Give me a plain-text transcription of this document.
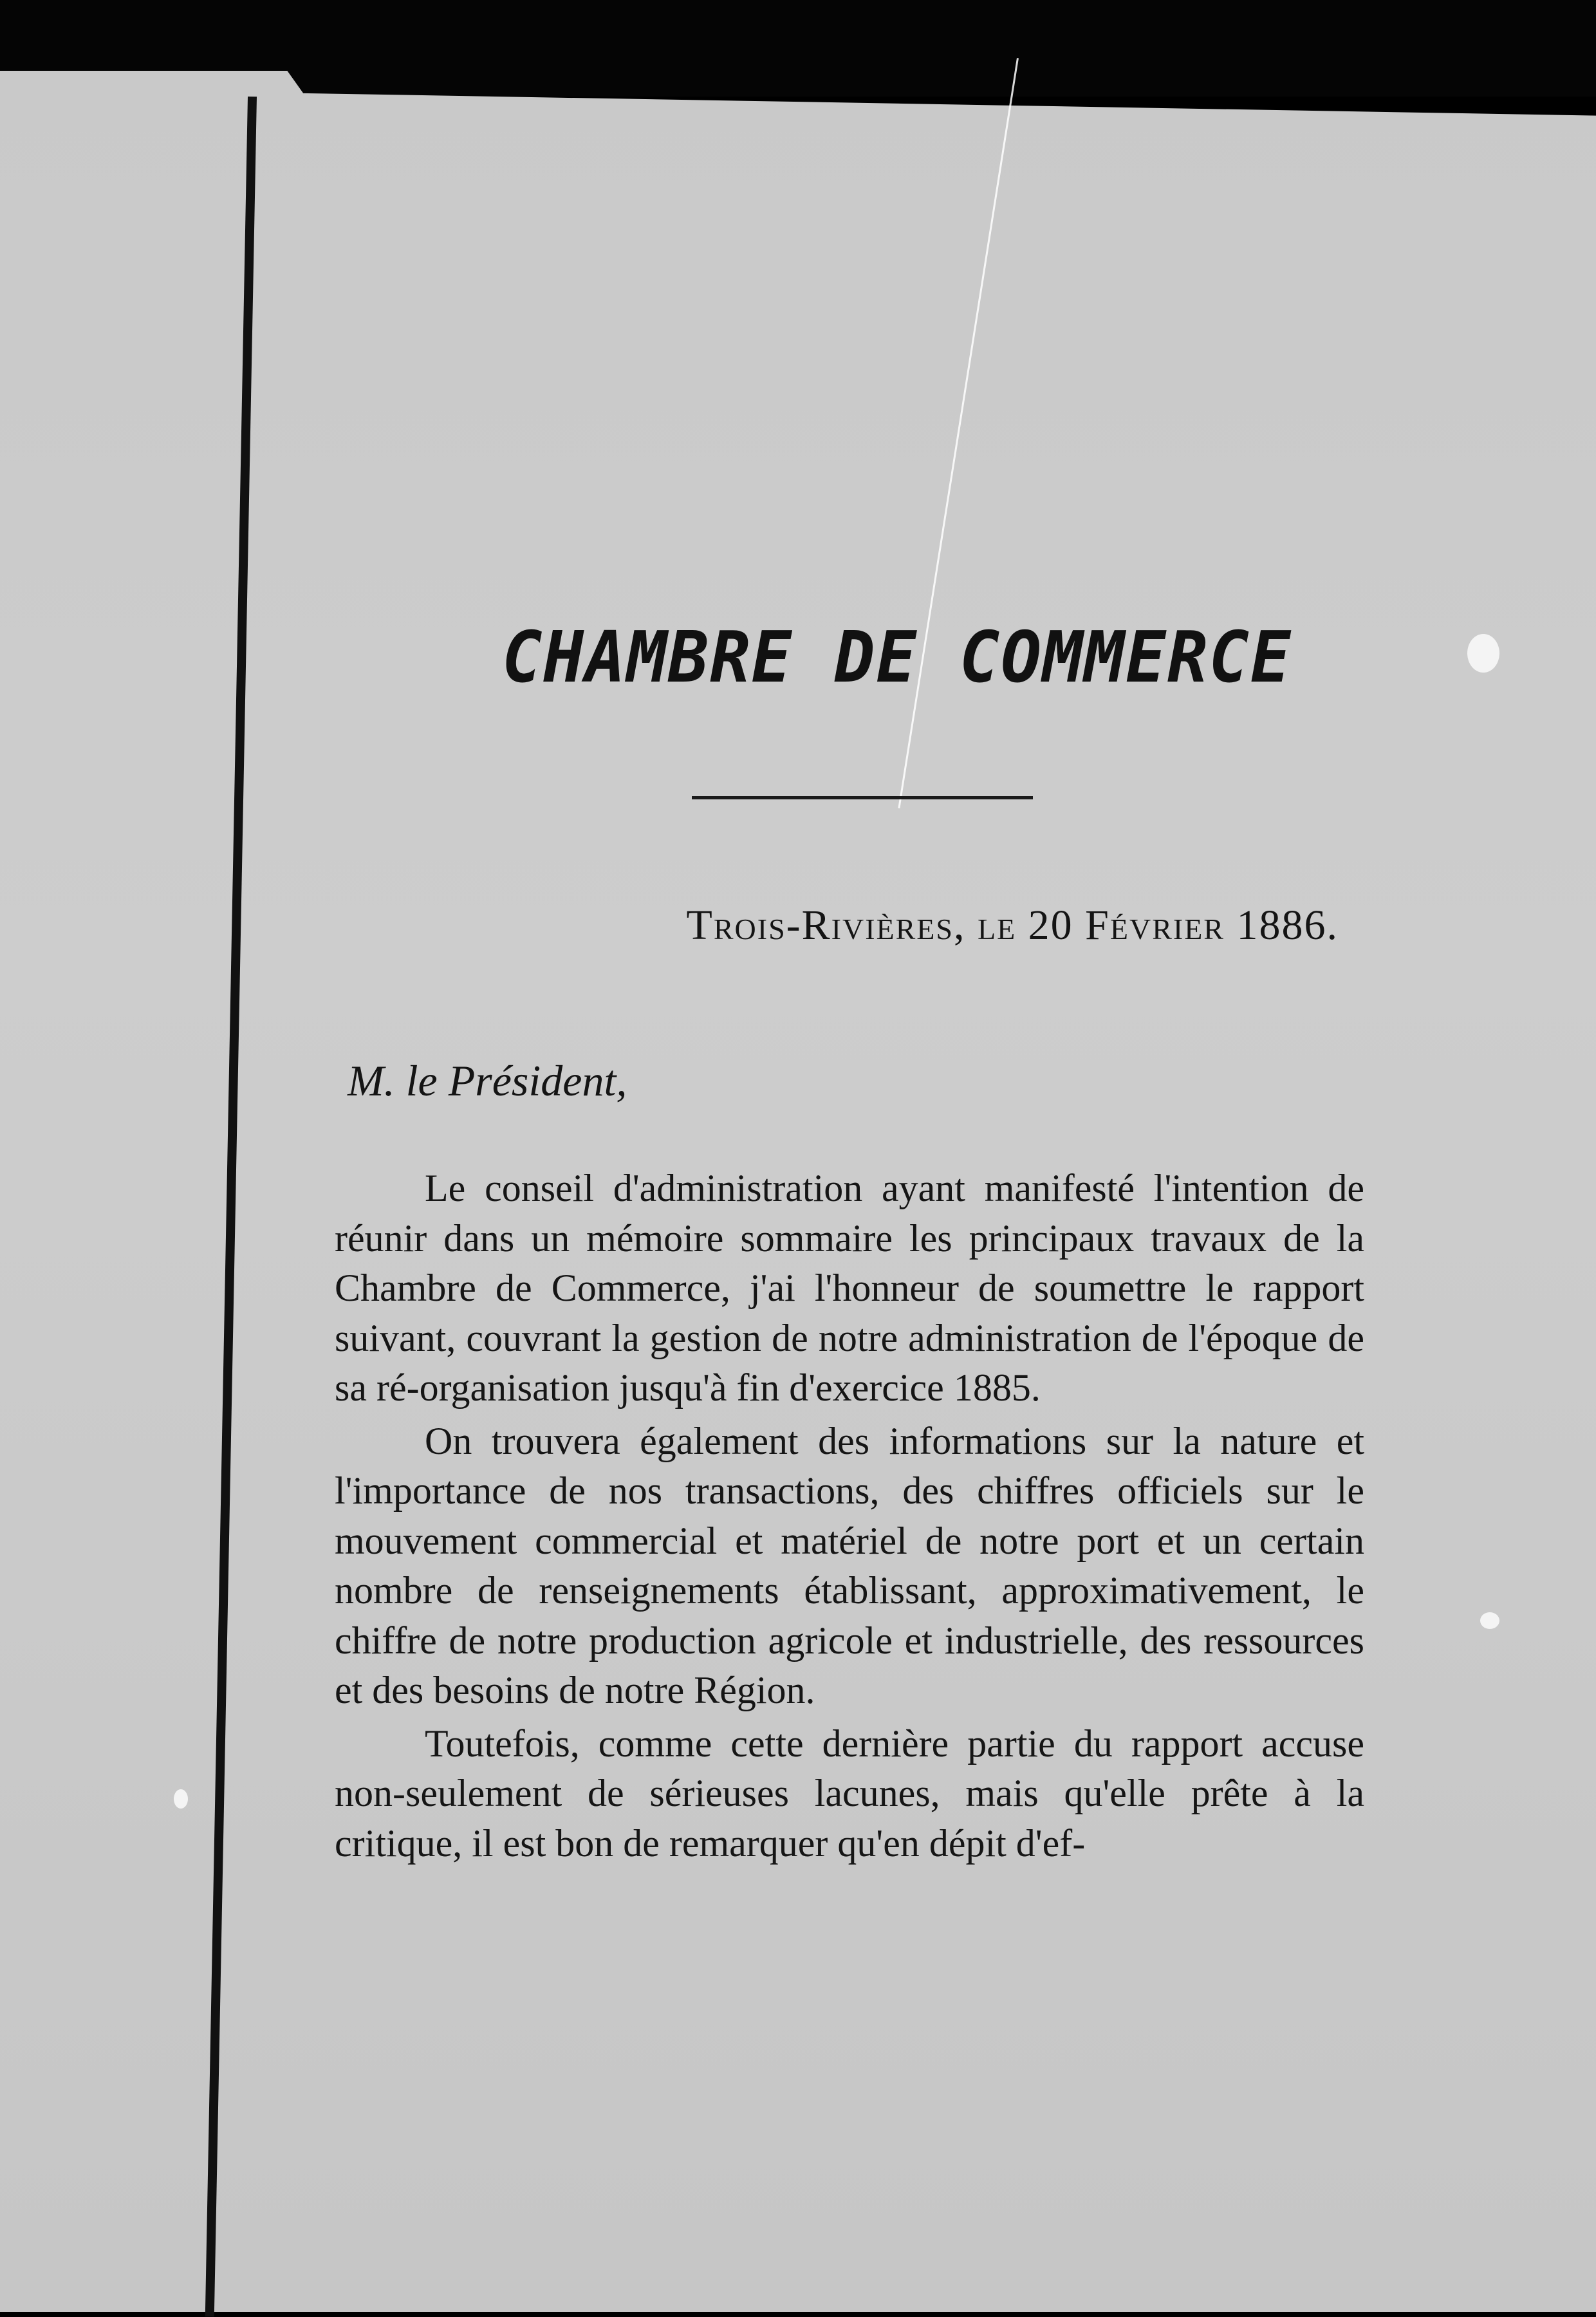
CHAMBRE DE COMMERCE
Trois-Rivières, le 20 Février 1886.
M. le Président,

Le conseil d'administration ayant manifesté l'intention de réunir dans un mémoire sommaire les principaux travaux de la Chambre de Commerce, j'ai l'honneur de soumettre le rapport suivant, couvrant la gestion de notre administration de l'époque de sa ré-organisation jusqu'à fin d'exercice 1885.

On trouvera également des informations sur la nature et l'importance de nos transactions, des chiffres officiels sur le mouvement commercial et matériel de notre port et un certain nombre de renseignements établissant, approximativement, le chiffre de notre production agricole et industrielle, des ressources et des besoins de notre Région.

Toutefois, comme cette dernière partie du rapport accuse non-seulement de sérieuses lacunes, mais qu'elle prête à la critique, il est bon de remarquer qu'en dépit d'ef-
